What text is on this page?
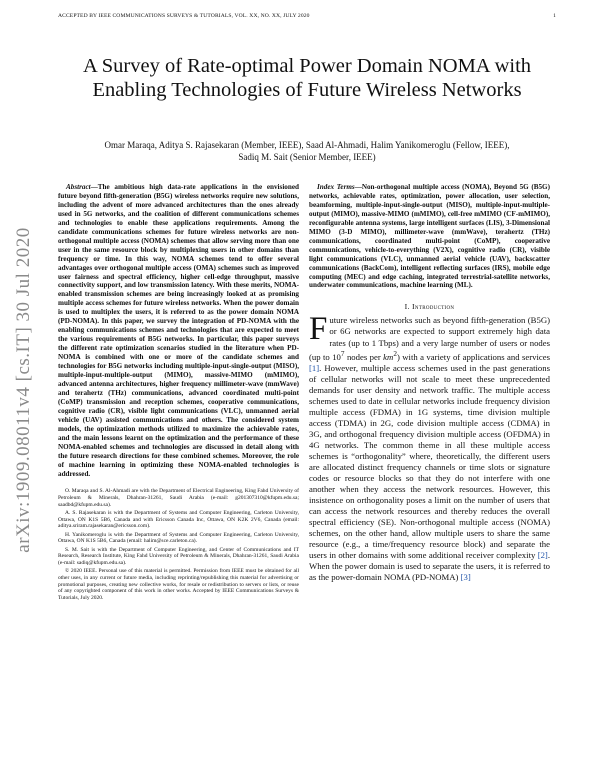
ACCEPTED BY IEEE COMMUNICATIONS SURVEYS & TUTORIALS, VOL. XX, NO. XX, JULY 2020	1
arXiv:1909.08011v4 [cs.IT] 30 Jul 2020
A Survey of Rate-optimal Power Domain NOMA with Enabling Technologies of Future Wireless Networks
Omar Maraqa, Aditya S. Rajasekaran (Member, IEEE), Saad Al-Ahmadi, Halim Yanikomeroglu (Fellow, IEEE),
Sadiq M. Sait (Senior Member, IEEE)

Abstract—The ambitious high data-rate applications in the envisioned future beyond fifth-generation (B5G) wireless networks require new solutions, including the advent of more advanced architectures than the ones already used in 5G networks, and the coalition of different communications schemes and technologies to enable these applications requirements. Among the candidate communications schemes for future wireless networks are non-orthogonal multiple access (NOMA) schemes that allow serving more than one user in the same resource block by multiplexing users in other domains than frequency or time. In this way, NOMA schemes tend to offer several advantages over orthogonal multiple access (OMA) schemes such as improved user fairness and spectral efficiency, higher cell-edge throughput, massive connectivity support, and low transmission latency. With these merits, NOMA-enabled transmission schemes are being increasingly looked at as promising multiple access schemes for future wireless networks. When the power domain is used to multiplex the users, it is referred to as the power domain NOMA (PD-NOMA). In this paper, we survey the integration of PD-NOMA with the enabling communications schemes and technologies that are expected to meet the various requirements of B5G networks. In particular, this paper surveys the different rate optimization scenarios studied in the literature when PD-NOMA is combined with one or more of the candidate schemes and technologies for B5G networks including multiple-input-single-output (MISO), multiple-input-multiple-output (MIMO), massive-MIMO (mMIMO), advanced antenna architectures, higher frequency millimeter-wave (mmWave) and terahertz (THz) communications, advanced coordinated multi-point (CoMP) transmission and reception schemes, cooperative communications, cognitive radio (CR), visible light communications (VLC), unmanned aerial vehicle (UAV) assisted communications and others. The considered system models, the optimization methods utilized to maximize the achievable rates, and the main lessons learnt on the optimization and the performance of these NOMA-enabled schemes and technologies are discussed in detail along with the future research directions for these combined schemes. Moreover, the role of machine learning in optimizing these NOMA-enabled technologies is addressed.

O. Maraqa and S. Al-Ahmadi are with the Department of Electrical Engineering, King Fahd University of Petroleum & Minerals, Dhahran-31261, Saudi Arabia (e-mail: g201307310@kfupm.edu.sa; saadbd@kfupm.edu.sa).

A. S. Rajasekaran is with the Department of Systems and Computer Engineering, Carleton University, Ottawa, ON K1S 5B6, Canada and with Ericsson Canada Inc, Ottawa, ON K2K 2V6, Canada (email: aditya.sriram.rajasekaran@ericsson.com).

H. Yanikomeroglu is with the Department of Systems and Computer Engineering, Carleton University, Ottawa, ON K1S 5B6, Canada (email: halim@sce.carleton.ca).

S. M. Sait is with the Department of Computer Engineering, and Center of Communications and IT Research, Research Institute, King Fahd University of Petroleum & Minerals, Dhahran-31261, Saudi Arabia (e-mail: sadiq@kfupm.edu.sa).

© 2020 IEEE. Personal use of this material is permitted. Permission from IEEE must be obtained for all other uses, in any current or future media, including reprinting/republishing this material for advertising or promotional purposes, creating new collective works, for resale or redistribution to servers or lists, or reuse of any copyrighted component of this work in other works. Accepted by IEEE Communications Surveys & Tutorials, July 2020.

Index Terms—Non-orthogonal multiple access (NOMA), Beyond 5G (B5G) networks, achievable rates, optimization, power allocation, user selection, beamforming, multiple-input-single-output (MISO), multiple-input-multiple-output (MIMO), massive-MIMO (mMIMO), cell-free mMIMO (CF-mMIMO), reconfigurable antenna systems, large intelligent surfaces (LIS), 3-Dimensional MIMO (3-D MIMO), millimeter-wave (mmWave), terahertz (THz) communications, coordinated multi-point (CoMP), cooperative communications, vehicle-to-everything (V2X), cognitive radio (CR), visible light communications (VLC), unmanned aerial vehicle (UAV), backscatter communications (BackCom), intelligent reflecting surfaces (IRS), mobile edge computing (MEC) and edge caching, integrated terrestrial-satellite networks, underwater communications, machine learning (ML).

I. Introduction

Future wireless networks such as beyond fifth-generation (B5G) or 6G networks are expected to support extremely high data rates (up to 1 Tbps) and a very large number of users or nodes (up to $10^7$ nodes per $km^2$) with a variety of applications and services [1]. However, multiple access schemes used in the past generations of cellular networks will not scale to meet these unprecedented demands for user density and network traffic. The multiple access schemes used to date in cellular networks include frequency division multiple access (FDMA) in 1G systems, time division multiple access (TDMA) in 2G, code division multiple access (CDMA) in 3G, and orthogonal frequency division multiple access (OFDMA) in 4G networks. The common theme in all these multiple access schemes is “orthogonality” where, theoretically, the different users are allocated distinct frequency channels or time slots or signature codes or resource blocks so that they do not interfere with one another when they access the network resources. However, this insistence on orthogonality poses a limit on the number of users that can access the network resources and thereby reduces the overall spectral efficiency (SE). Non-orthogonal multiple access (NOMA) schemes, on the other hand, allow multiple users to share the same resource (e.g., a time/frequency resource block) and separate the users in other domains with some additional receiver complexity [2]. When the power domain is used to separate the users, it is referred to as the power-domain NOMA (PD-NOMA) [3]
